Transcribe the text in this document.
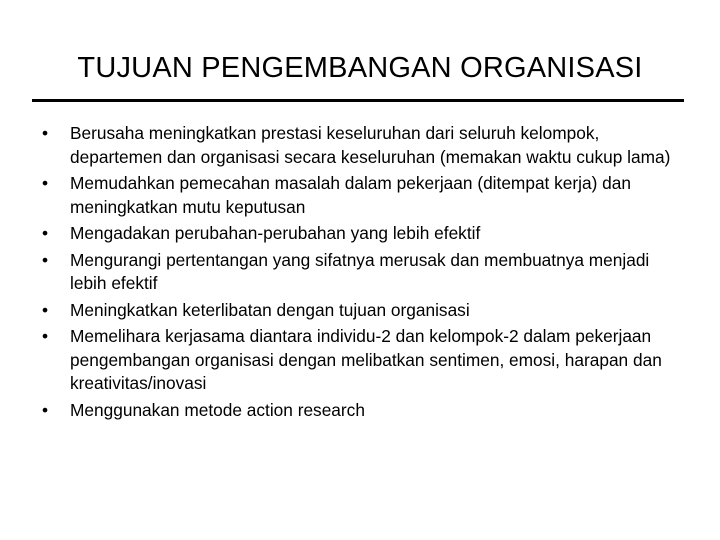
TUJUAN PENGEMBANGAN ORGANISASI
•	Berusaha meningkatkan prestasi keseluruhan dari seluruh kelompok, departemen dan organisasi secara keseluruhan (memakan waktu cukup lama)
•	Memudahkan pemecahan masalah dalam pekerjaan (ditempat kerja) dan meningkatkan mutu keputusan
•	Mengadakan perubahan-perubahan yang lebih efektif
•	Mengurangi pertentangan yang sifatnya merusak dan membuatnya menjadi lebih efektif
•	Meningkatkan keterlibatan dengan tujuan organisasi
•	Memelihara kerjasama diantara individu-2 dan kelompok-2 dalam pekerjaan pengembangan organisasi dengan melibatkan sentimen, emosi, harapan dan kreativitas/inovasi
•	Menggunakan metode action research
